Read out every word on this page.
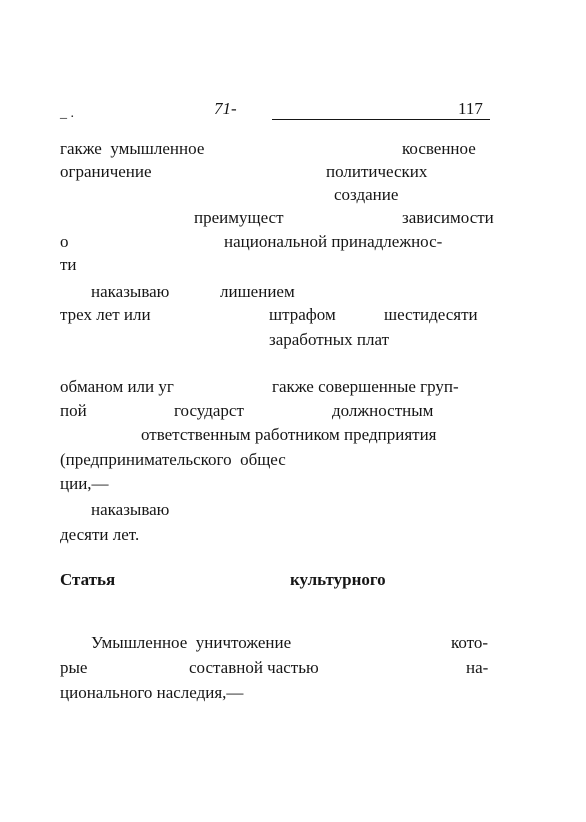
_ .	71-	117
гакже  умышленное	косвенное
ограничение	политических
создание
преимущест	зависимости
о	национальной принадлежнос-
ти
наказываю	лишением
трех лет или	штрафом	шестидесяти
заработных плат
обманом или уг	гакже совершенные груп-
пой	государст	должностным
ответственным работником предприятия
(предпринимательского  общес
ции,—
наказываю
десяти лет.
Статья	культурного
Умышленное  уничтожение	кото-
рые	составной частью	на-
ционального наследия,—
